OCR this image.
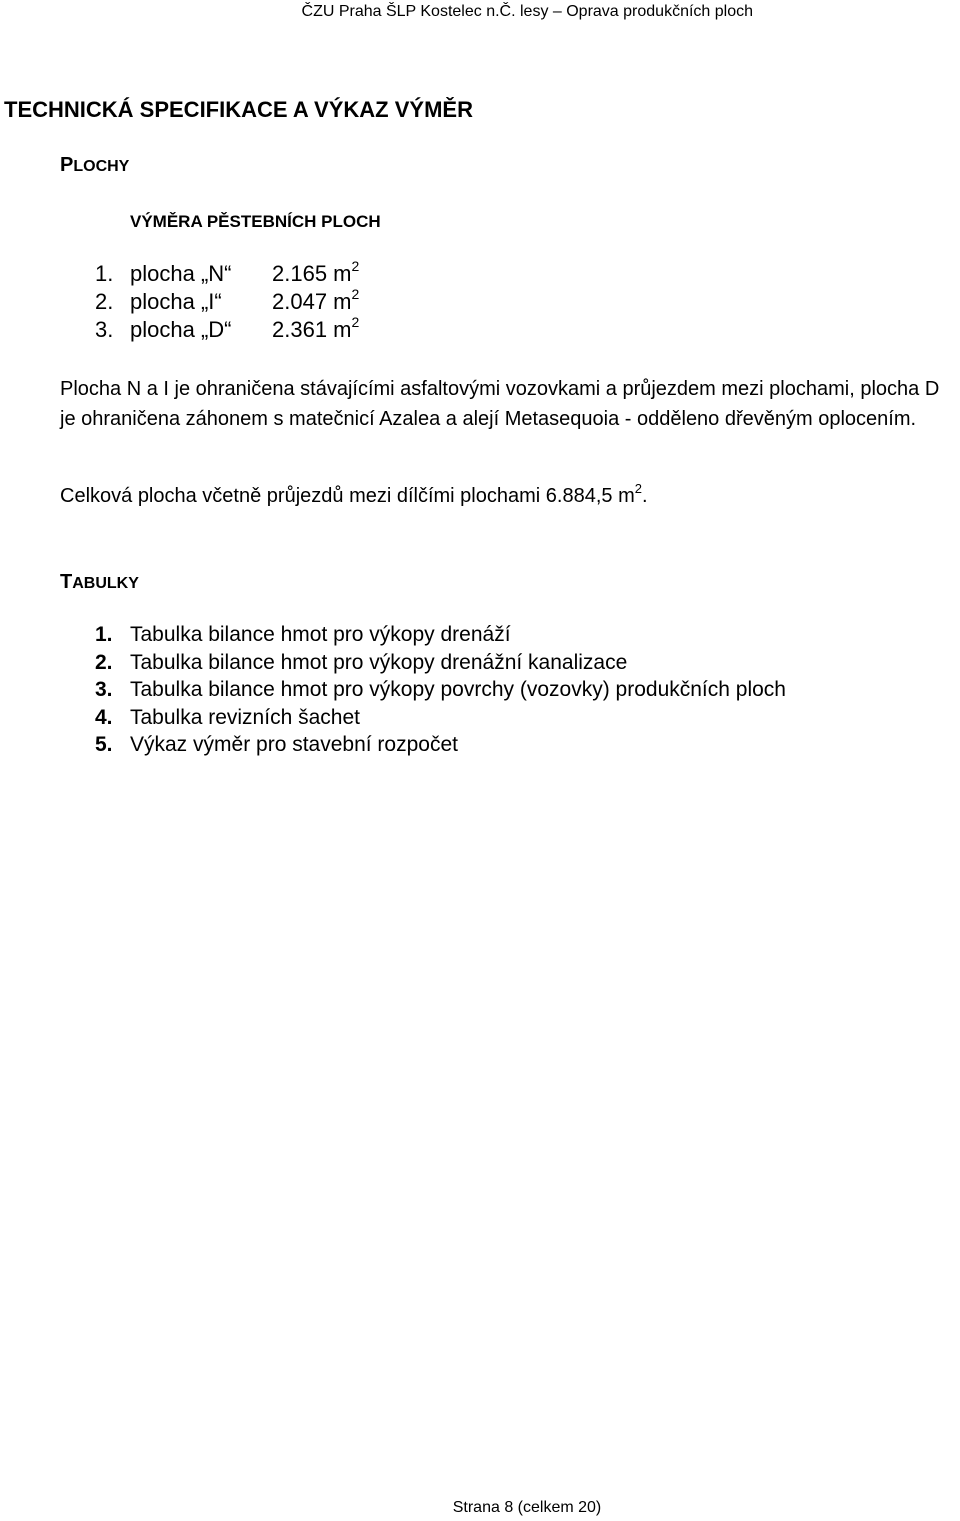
ČZU Praha ŠLP Kostelec n.Č. lesy – Oprava produkčních ploch
TECHNICKÁ SPECIFIKACE A VÝKAZ VÝMĚR
PLOCHY
VÝMĚRA PĚSTEBNÍCH PLOCH
1. plocha „N“ 2.165 $m^2$
2. plocha „I“ 2.047 $m^2$
3. plocha „D“ 2.361 $m^2$

Plocha N a I je ohraničena stávajícími asfaltovými vozovkami a průjezdem mezi plochami, plocha D je ohraničena záhonem s matečnicí Azalea a alejí Metasequoia - odděleno dřevěným oplocením.

Celková plocha včetně průjezdů mezi dílčími plochami 6.884,5 $m^2$.

TABULKY
1. Tabulka bilance hmot pro výkopy drenáží
2. Tabulka bilance hmot pro výkopy drenážní kanalizace
3. Tabulka bilance hmot pro výkopy povrchy (vozovky) produkčních ploch
4. Tabulka revizních šachet
5. Výkaz výměr pro stavební rozpočet
Strana 8 (celkem 20)
